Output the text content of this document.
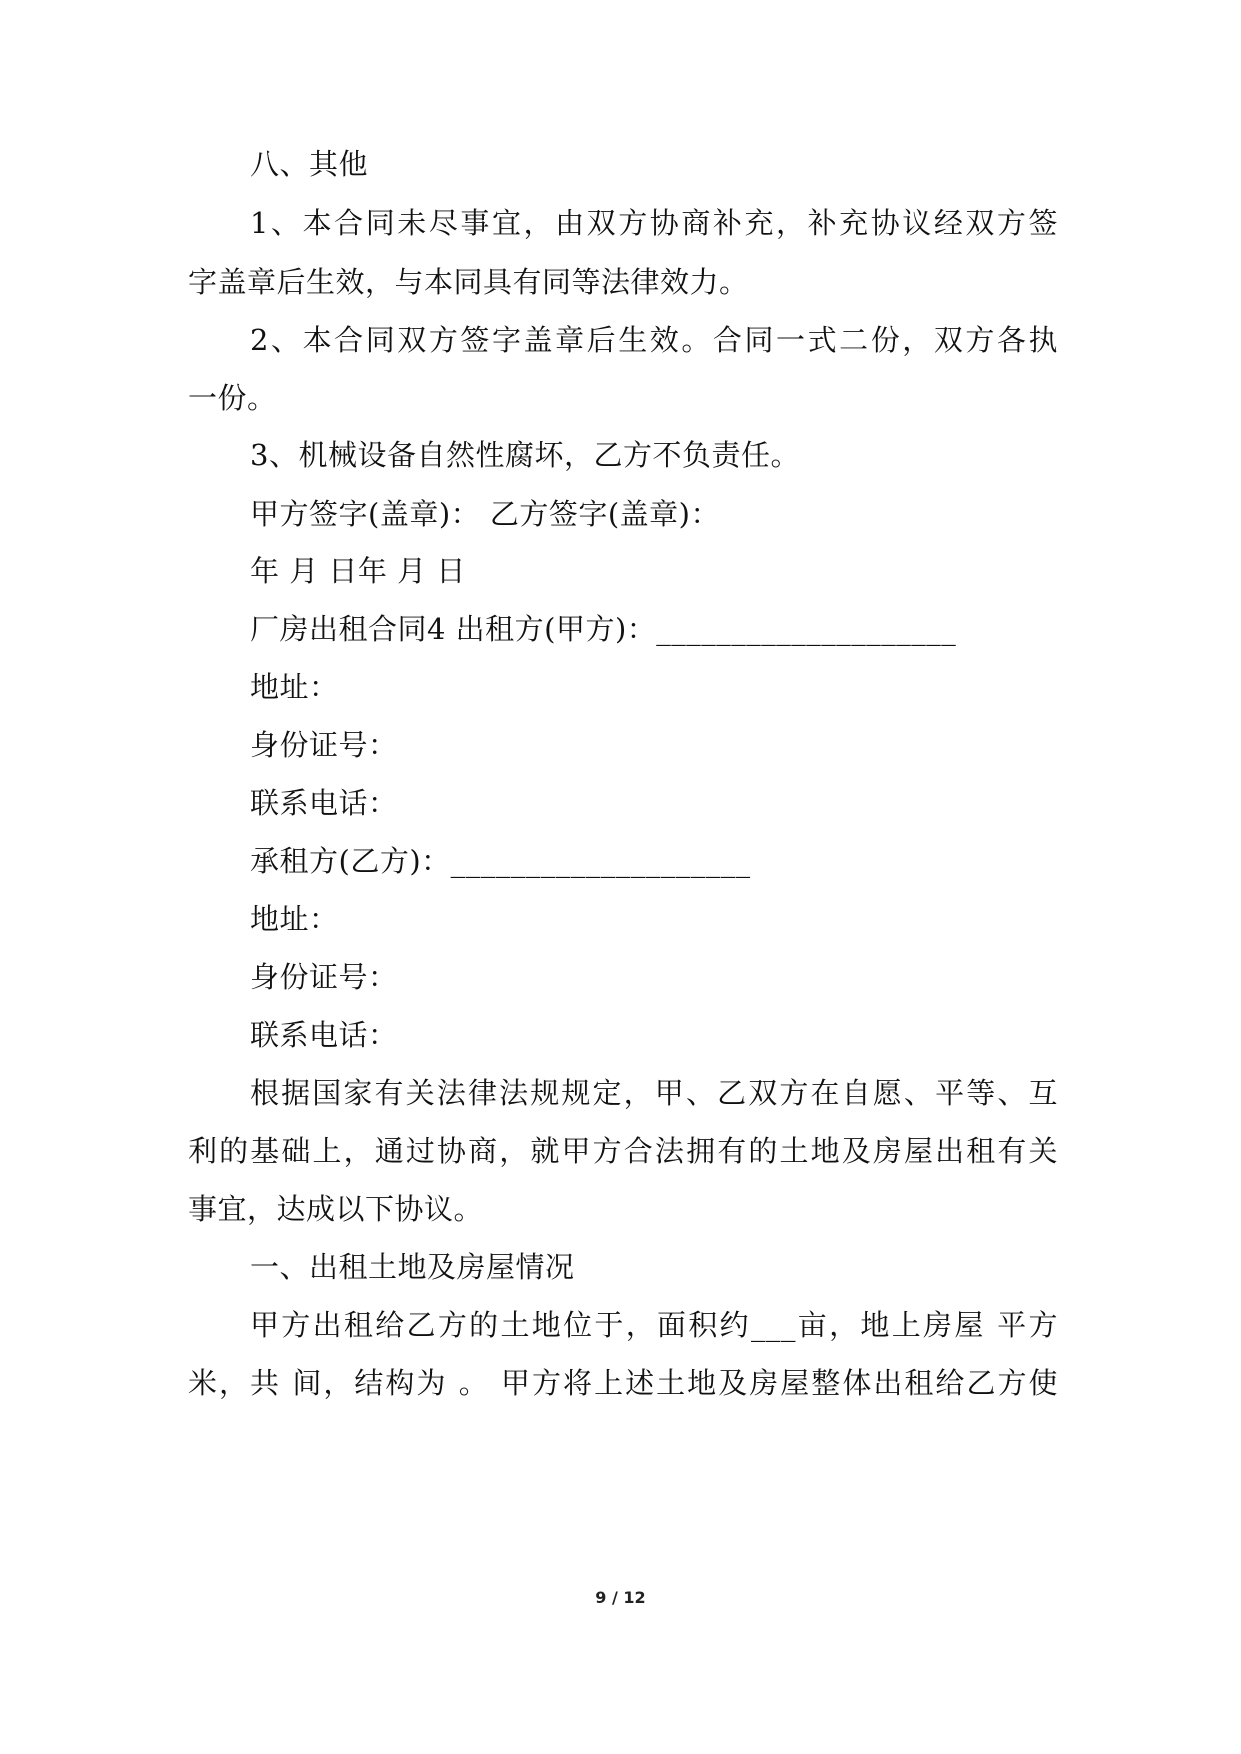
八、其他
1、本合同未尽事宜，由双方协商补充，补充协议经双方签
字盖章后生效，与本同具有同等法律效力。
2、本合同双方签字盖章后生效。合同一式二份，双方各执
一份。
3、机械设备自然性腐坏，乙方不负责任。
甲方签字(盖章)： 乙方签字(盖章)：
年 月 日年 月 日
厂房出租合同4 出租方(甲方)：____________________
地址：
身份证号：
联系电话：
承租方(乙方)：____________________
地址：
身份证号：
联系电话：
根据国家有关法律法规规定，甲、乙双方在自愿、平等、互
利的基础上，通过协商，就甲方合法拥有的土地及房屋出租有关
事宜，达成以下协议。
一、出租土地及房屋情况
甲方出租给乙方的土地位于，面积约___亩，地上房屋 平方
米，共 间，结构为 。 甲方将上述土地及房屋整体出租给乙方使
9 / 12
